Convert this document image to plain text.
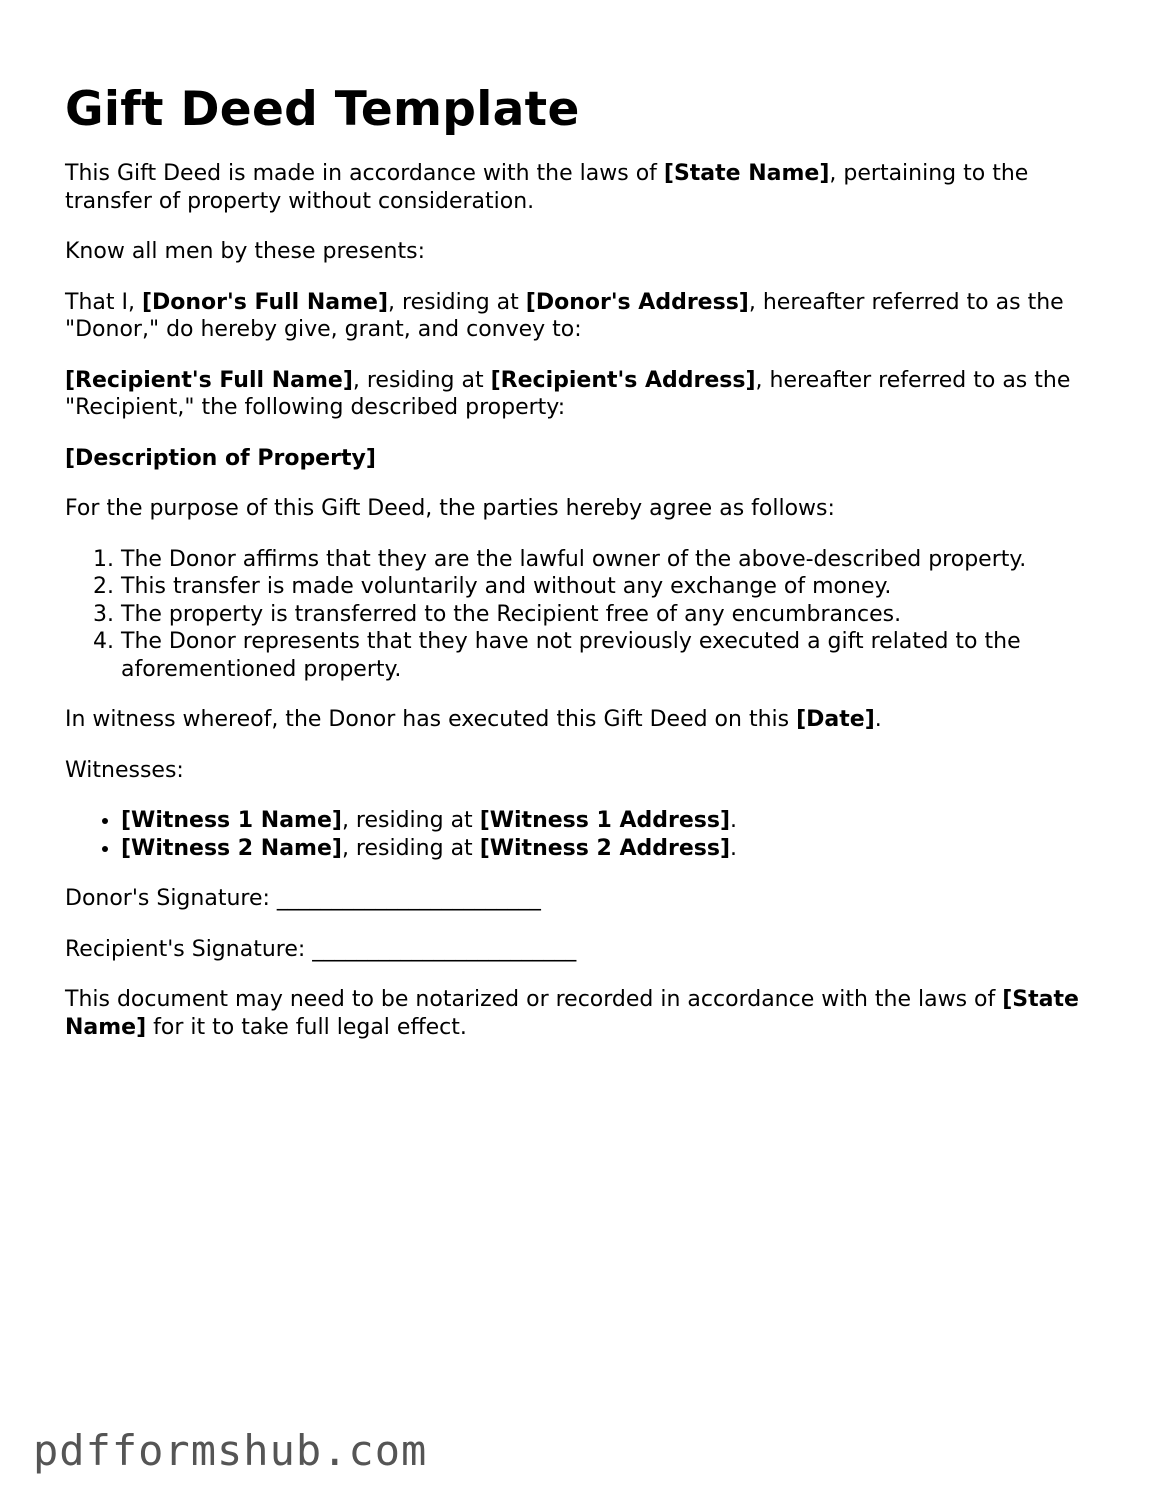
Gift Deed Template

This Gift Deed is made in accordance with the laws of [State Name], pertaining to the transfer of property without consideration.

Know all men by these presents:

That I, [Donor's Full Name], residing at [Donor's Address], hereafter referred to as the "Donor," do hereby give, grant, and convey to:

[Recipient's Full Name], residing at [Recipient's Address], hereafter referred to as the "Recipient," the following described property:

[Description of Property]

For the purpose of this Gift Deed, the parties hereby agree as follows:

1. The Donor affirms that they are the lawful owner of the above-described property.
2. This transfer is made voluntarily and without any exchange of money.
3. The property is transferred to the Recipient free of any encumbrances.
4. The Donor represents that they have not previously executed a gift related to the aforementioned property.

In witness whereof, the Donor has executed this Gift Deed on this [Date].

Witnesses:

• [Witness 1 Name], residing at [Witness 1 Address].
• [Witness 2 Name], residing at [Witness 2 Address].

Donor's Signature: ________________________

Recipient's Signature: ________________________

This document may need to be notarized or recorded in accordance with the laws of [State Name] for it to take full legal effect.

pdfformshub.com
